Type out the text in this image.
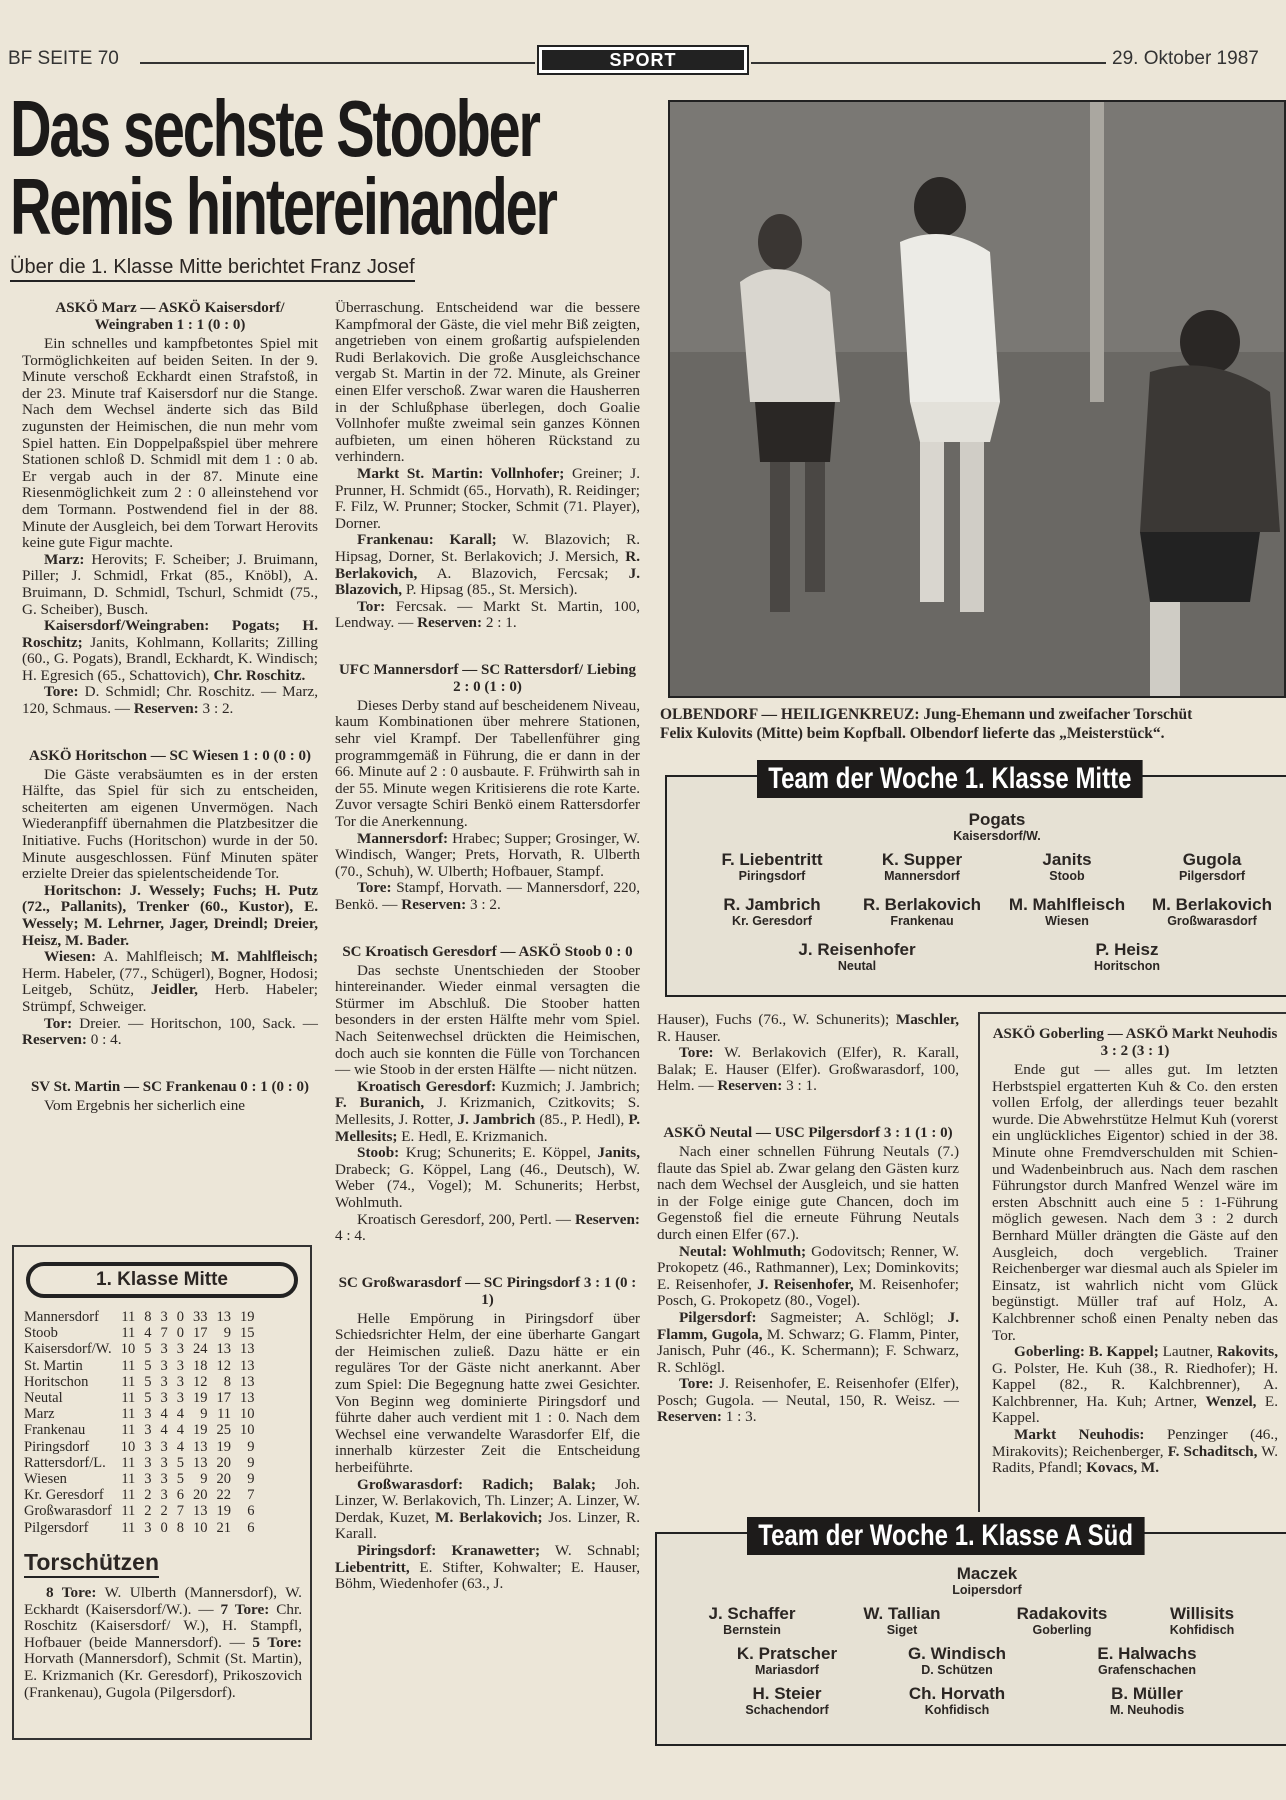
BF SEITE 70	SPORT	29. Oktober 1987
Das sechste Stoober
Remis hintereinander
Über die 1. Klasse Mitte berichtet Franz Josef
ASKÖ Marz — ASKÖ Kaisersdorf/ Weingraben 1 : 1 (0 : 0)

Ein schnelles und kampfbetontes Spiel mit Tormöglichkeiten auf beiden Seiten. In der 9. Minute verschoß Eckhardt einen Strafstoß, in der 23. Minute traf Kaisersdorf nur die Stange. Nach dem Wechsel änderte sich das Bild zugunsten der Heimischen, die nun mehr vom Spiel hatten. Ein Doppelpaßspiel über mehrere Stationen schloß D. Schmidl mit dem 1 : 0 ab. Er vergab auch in der 87. Minute eine Riesenmöglichkeit zum 2 : 0 alleinstehend vor dem Tormann. Postwendend fiel in der 88. Minute der Ausgleich, bei dem Torwart Herovits keine gute Figur machte.

Marz: Herovits; F. Scheiber; J. Bruimann, Piller; J. Schmidl, Frkat (85., Knöbl), A. Bruimann, D. Schmidl, Tschurl, Schmidt (75., G. Scheiber), Busch.

Kaisersdorf/Weingraben: Pogats; H. Roschitz; Janits, Kohlmann, Kollarits; Zilling (60., G. Pogats), Brandl, Eckhardt, K. Windisch; H. Egresich (65., Schattovich), Chr. Roschitz.

Tore: D. Schmidl; Chr. Roschitz. — Marz, 120, Schmaus. — Reserven: 3 : 2.

ASKÖ Horitschon — SC Wiesen 1 : 0 (0 : 0)

Die Gäste verabsäumten es in der ersten Hälfte, das Spiel für sich zu entscheiden, scheiterten am eigenen Unvermögen. Nach Wiederanpfiff übernahmen die Platzbesitzer die Initiative. Fuchs (Horitschon) wurde in der 50. Minute ausgeschlossen. Fünf Minuten später erzielte Dreier das spielentscheidende Tor.

Horitschon: J. Wessely; Fuchs; H. Putz (72., Pallanits), Trenker (60., Kustor), E. Wessely; M. Lehrner, Jager, Dreindl; Dreier, Heisz, M. Bader.

Wiesen: A. Mahlfleisch; M. Mahlfleisch; Herm. Habeler, (77., Schügerl), Bogner, Hodosi; Leitgeb, Schütz, Jeidler, Herb. Habeler; Strümpf, Schweiger.

Tor: Dreier. — Horitschon, 100, Sack. — Reserven: 0 : 4.

SV St. Martin — SC Frankenau 0 : 1 (0 : 0)

Vom Ergebnis her sicherlich eine

Überraschung. Entscheidend war die bessere Kampfmoral der Gäste, die viel mehr Biß zeigten, angetrieben von einem großartig aufspielenden Rudi Berlakovich. Die große Ausgleichschance vergab St. Martin in der 72. Minute, als Greiner einen Elfer verschoß. Zwar waren die Hausherren in der Schlußphase überlegen, doch Goalie Vollnhofer mußte zweimal sein ganzes Können aufbieten, um einen höheren Rückstand zu verhindern.

Markt St. Martin: Vollnhofer; Greiner; J. Prunner, H. Schmidt (65., Horvath), R. Reidinger; F. Filz, W. Prunner; Stocker, Schmit (71. Player), Dorner.

Frankenau: Karall; W. Blazovich; R. Hipsag, Dorner, St. Berlakovich; J. Mersich, R. Berlakovich, A. Blazovich, Fercsak; J. Blazovich, P. Hipsag (85., St. Mersich).

Tor: Fercsak. — Markt St. Martin, 100, Lendway. — Reserven: 2 : 1.

UFC Mannersdorf — SC Rattersdorf/ Liebing 2 : 0 (1 : 0)

Dieses Derby stand auf bescheidenem Niveau, kaum Kombinationen über mehrere Stationen, sehr viel Krampf. Der Tabellenführer ging programmgemäß in Führung, die er dann in der 66. Minute auf 2 : 0 ausbaute. F. Frühwirth sah in der 55. Minute wegen Kritisierens die rote Karte. Zuvor versagte Schiri Benkö einem Rattersdorfer Tor die Anerkennung.

Mannersdorf: Hrabec; Supper; Grosinger, W. Windisch, Wanger; Prets, Horvath, R. Ulberth (70., Schuh), W. Ulberth; Hofbauer, Stampf.

Tore: Stampf, Horvath. — Mannersdorf, 220, Benkö. — Reserven: 3 : 2.

SC Kroatisch Geresdorf — ASKÖ Stoob 0 : 0

Das sechste Unentschieden der Stoober hintereinander. Wieder einmal versagten die Stürmer im Abschluß. Die Stoober hatten besonders in der ersten Hälfte mehr vom Spiel. Nach Seitenwechsel drückten die Heimischen, doch auch sie konnten die Fülle von Torchancen — wie Stoob in der ersten Hälfte — nicht nützen.

Kroatisch Geresdorf: Kuzmich; J. Jambrich; F. Buranich, J. Krizmanich, Czitkovits; S. Mellesits, J. Rotter, J. Jambrich (85., P. Hedl), P. Mellesits; E. Hedl, E. Krizmanich.

Stoob: Krug; Schunerits; E. Köppel, Janits, Drabeck; G. Köppel, Lang (46., Deutsch), W. Weber (74., Vogel); M. Schunerits; Herbst, Wohlmuth.

Kroatisch Geresdorf, 200, Pertl. — Reserven: 4 : 4.

SC Großwarasdorf — SC Piringsdorf 3 : 1 (0 : 1)

Helle Empörung in Piringsdorf über Schiedsrichter Helm, der eine überharte Gangart der Heimischen zuließ. Dazu hätte er ein reguläres Tor der Gäste nicht anerkannt. Aber zum Spiel: Die Begegnung hatte zwei Gesichter. Von Beginn weg dominierte Piringsdorf und führte daher auch verdient mit 1 : 0. Nach dem Wechsel eine verwandelte Warasdorfer Elf, die innerhalb kürzester Zeit die Entscheidung herbeiführte.

Großwarasdorf: Radich; Balak; Joh. Linzer, W. Berlakovich, Th. Linzer; A. Linzer, W. Derdak, Kuzet, M. Berlakovich; Jos. Linzer, R. Karall.

Piringsdorf: Kranawetter; W. Schnabl; Liebentritt, E. Stifter, Kohwalter; E. Hauser, Böhm, Wiedenhofer (63., J.

Hauser), Fuchs (76., W. Schunerits); Maschler, R. Hauser.

Tore: W. Berlakovich (Elfer), R. Karall, Balak; E. Hauser (Elfer). Großwarasdorf, 100, Helm. — Reserven: 3 : 1.

ASKÖ Neutal — USC Pilgersdorf 3 : 1 (1 : 0)

Nach einer schnellen Führung Neutals (7.) flaute das Spiel ab. Zwar gelang den Gästen kurz nach dem Wechsel der Ausgleich, und sie hatten in der Folge einige gute Chancen, doch im Gegenstoß fiel die erneute Führung Neutals durch einen Elfer (67.).

Neutal: Wohlmuth; Godovitsch; Renner, W. Prokopetz (46., Rathmanner), Lex; Dominkovits; E. Reisenhofer, J. Reisenhofer, M. Reisenhofer; Posch, G. Prokopetz (80., Vogel).

Pilgersdorf: Sagmeister; A. Schlögl; J. Flamm, Gugola, M. Schwarz; G. Flamm, Pinter, Janisch, Puhr (46., K. Schermann); F. Schwarz, R. Schlögl.

Tore: J. Reisenhofer, E. Reisenhofer (Elfer), Posch; Gugola. — Neutal, 150, R. Weisz. — Reserven: 1 : 3.

ASKÖ Goberling — ASKÖ Markt Neuhodis 3 : 2 (3 : 1)

Ende gut — alles gut. Im letzten Herbstspiel ergatterten Kuh & Co. den ersten vollen Erfolg, der allerdings teuer bezahlt wurde. Die Abwehrstütze Helmut Kuh (vorerst ein unglückliches Eigentor) schied in der 38. Minute ohne Fremdverschulden mit Schien- und Wadenbeinbruch aus. Nach dem raschen Führungstor durch Manfred Wenzel wäre im ersten Abschnitt auch eine 5 : 1-Führung möglich gewesen. Nach dem 3 : 2 durch Bernhard Müller drängten die Gäste auf den Ausgleich, doch vergeblich. Trainer Reichenberger war diesmal auch als Spieler im Einsatz, ist wahrlich nicht vom Glück begünstigt. Müller traf auf Holz, A. Kalchbrenner schoß einen Penalty neben das Tor.

Goberling: B. Kappel; Lautner, Rakovits, G. Polster, He. Kuh (38., R. Riedhofer); H. Kappel (82., R. Kalchbrenner), A. Kalchbrenner, Ha. Kuh; Artner, Wenzel, E. Kappel.

Markt Neuhodis: Penzinger (46., Mirakovits); Reichenberger, F. Schaditsch, W. Radits, Pfandl; Kovacs, M.

OLBENDORF — HEILIGENKREUZ: Jung-Ehemann und zweifacher Torschüt
Felix Kulovits (Mitte) beim Kopfball. Olbendorf lieferte das „Meisterstück“.
Team der Woche 1. Klasse Mitte
Pogats
Kaisersdorf/W.
F. Liebentritt
Piringsdorf
K. Supper
Mannersdorf
Janits
Stoob
Gugola
Pilgersdorf
R. Jambrich
Kr. Geresdorf
R. Berlakovich
Frankenau
M. Mahlfleisch
Wiesen
M. Berlakovich
Großwarasdorf
J. Reisenhofer
Neutal
P. Heisz
Horitschon
Team der Woche 1. Klasse A Süd
Maczek
Loipersdorf
J. Schaffer
Bernstein
W. Tallian
Siget
Radakovits
Goberling
Willisits
Kohfidisch
K. Pratscher
Mariasdorf
G. Windisch
D. Schützen
E. Halwachs
Grafenschachen
H. Steier
Schachendorf
Ch. Horvath
Kohfidisch
B. Müller
M. Neuhodis
1. Klasse Mitte
Mannersdorf	11	8	3	0	33	13	19
Stoob	11	4	7	0	17	9	15
Kaisersdorf/W.	10	5	3	3	24	13	13
St. Martin	11	5	3	3	18	12	13
Horitschon	11	5	3	3	12	8	13
Neutal	11	5	3	3	19	17	13
Marz	11	3	4	4	9	11	10
Frankenau	11	3	4	4	19	25	10
Piringsdorf	10	3	3	4	13	19	9
Rattersdorf/L.	11	3	3	5	13	20	9
Wiesen	11	3	3	5	9	20	9
Kr. Geresdorf	11	2	3	6	20	22	7
Großwarasdorf	11	2	2	7	13	19	6
Pilgersdorf	11	3	0	8	10	21	6
Torschützen

8 Tore: W. Ulberth (Mannersdorf), W. Eckhardt (Kaisersdorf/W.). — 7 Tore: Chr. Roschitz (Kaisersdorf/ W.), H. Stampfl, Hofbauer (beide Mannersdorf). — 5 Tore: Horvath (Mannersdorf), Schmit (St. Martin), E. Krizmanich (Kr. Geresdorf), Prikoszovich (Frankenau), Gugola (Pilgersdorf).
